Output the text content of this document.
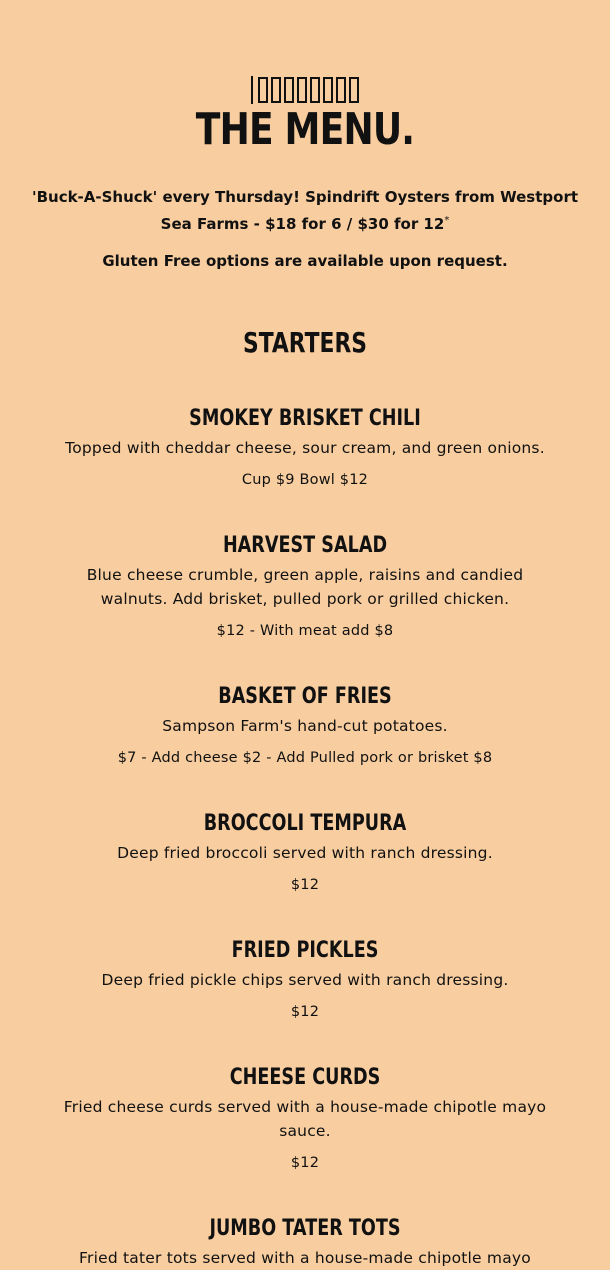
THE MENU.

'Buck-A-Shuck' every Thursday! Spindrift Oysters from Westport Sea Farms - $18 for 6 / $30 for 12*

Gluten Free options are available upon request.

STARTERS
SMOKEY BRISKET CHILI

Topped with cheddar cheese, sour cream, and green onions.

Cup $9 Bowl $12

HARVEST SALAD

Blue cheese crumble, green apple, raisins and candied walnuts. Add brisket, pulled pork or grilled chicken.

$12 - With meat add $8

BASKET OF FRIES

Sampson Farm's hand-cut potatoes.

$7 - Add cheese $2 - Add Pulled pork or brisket $8

BROCCOLI TEMPURA

Deep fried broccoli served with ranch dressing.

$12

FRIED PICKLES

Deep fried pickle chips served with ranch dressing.

$12

CHEESE CURDS

Fried cheese curds served with a house-made chipotle mayo sauce.

$12

JUMBO TATER TOTS

Fried tater tots served with a house-made chipotle mayo
